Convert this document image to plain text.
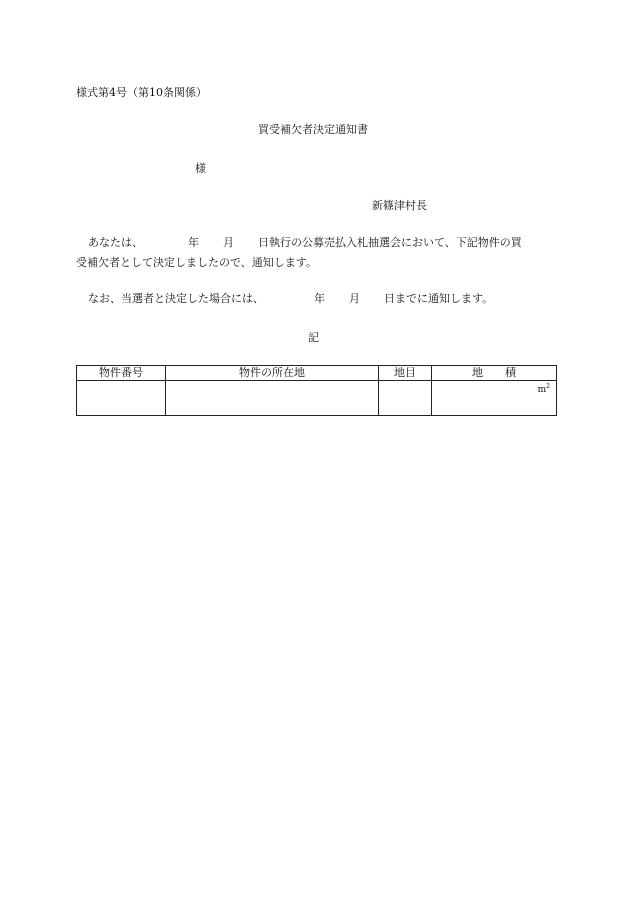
様式第4号（第10条関係）
買受補欠者決定通知書
様
新篠津村長
あなたは、	年 月 日執行の公募売払入札抽選会において、下記物件の買
受補欠者として決定しましたので、通知します。
なお、当選者と決定した場合には、	年 月 日までに通知します。
記
物件番号	物件の所在地	地目	地　　積
			$m^2$
